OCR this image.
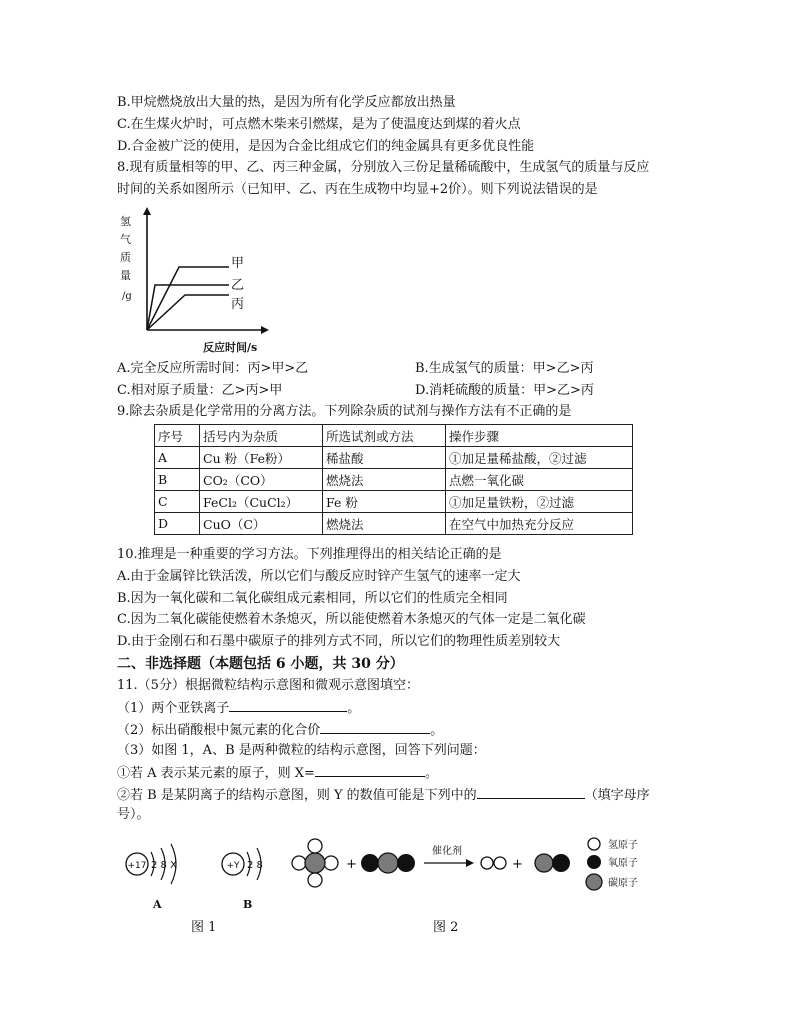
B.甲烷燃烧放出大量的热，是因为所有化学反应都放出热量
C.在生煤火炉时，可点燃木柴来引燃煤，是为了使温度达到煤的着火点
D.合金被广泛的使用，是因为合金比组成它们的纯金属具有更多优良性能
8.现有质量相等的甲、乙、丙三种金属，分别放入三份足量稀硫酸中，生成氢气的质量与反应
时间的关系如图所示（已知甲、乙、丙在生成物中均显+2价）。则下列说法错误的是
氢
气
质
量
/g
甲
乙
丙
反应时间/s
A.完全反应所需时间：丙>甲>乙	B.生成氢气的质量：甲>乙>丙
C.相对原子质量：乙>丙>甲	D.消耗硫酸的质量：甲>乙>丙
9.除去杂质是化学常用的分离方法。下列除杂质的试剂与操作方法有不正确的是
序号	括号内为杂质	所选试剂或方法	操作步骤
A	Cu 粉（Fe粉）	稀盐酸	①加足量稀盐酸，②过滤
B	CO₂（CO）	燃烧法	点燃一氧化碳
C	FeCl₂（CuCl₂）	Fe 粉	①加足量铁粉，②过滤
D	CuO（C）	燃烧法	在空气中加热充分反应
10.推理是一种重要的学习方法。下列推理得出的相关结论正确的是
A.由于金属锌比铁活泼，所以它们与酸反应时锌产生氢气的速率一定大
B.因为一氧化碳和二氧化碳组成元素相同，所以它们的性质完全相同
C.因为二氧化碳能使燃着木条熄灭，所以能使燃着木条熄灭的气体一定是二氧化碳
D.由于金刚石和石墨中碳原子的排列方式不同，所以它们的物理性质差别较大
二、非选择题（本题包括 6 小题，共 30 分）
11.（5分）根据微粒结构示意图和微观示意图填空：
（1）两个亚铁离子	。
（2）标出硝酸根中氮元素的化合价	。
（3）如图 1，A、B 是两种微粒的结构示意图，回答下列问题：
①若 A 表示某元素的原子，则 X=	。
②若 B 是某阴离子的结构示意图，则 Y 的数值可能是下列中的	（填字母序
号）。
+17 2 8 X
A
+Y 2 8
B
+
催化剂
+
氢原子
氧原子
碳原子
图 1	图 2
